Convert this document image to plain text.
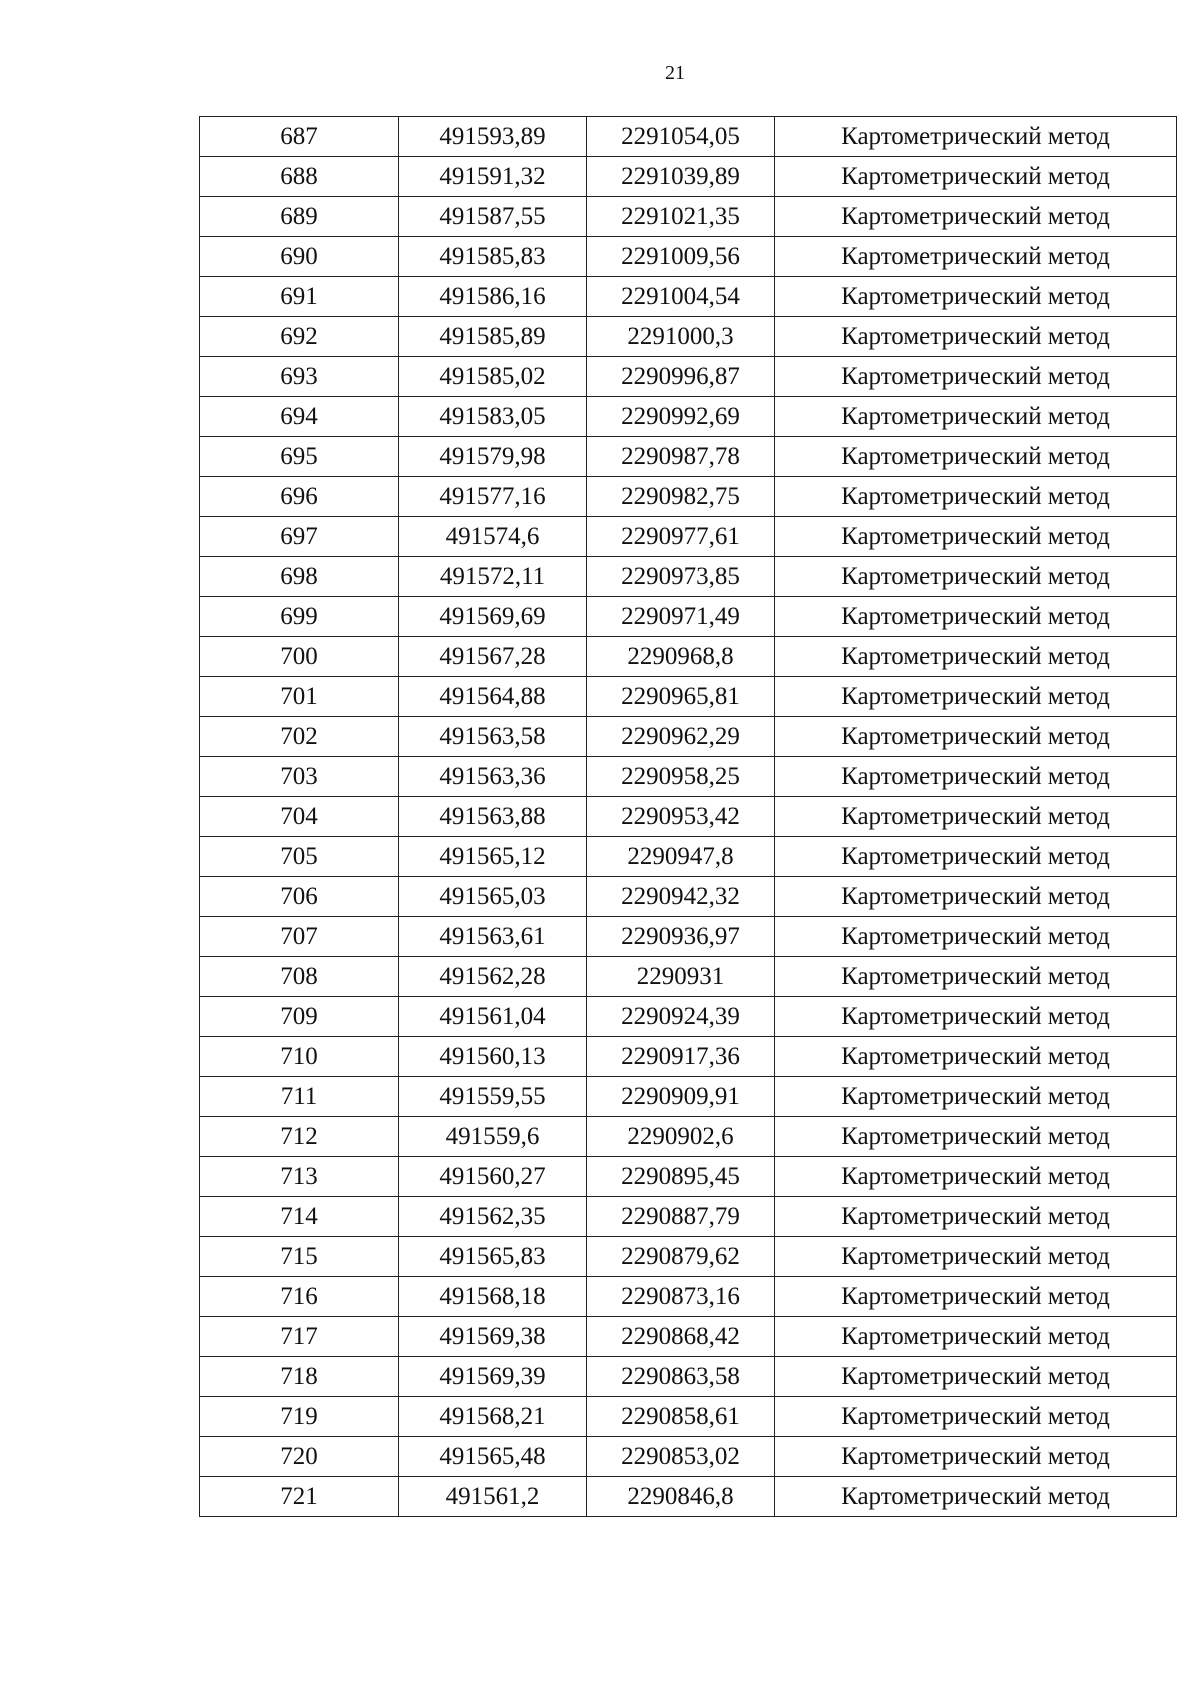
21
687	491593,89	2291054,05	Картометрический метод
688	491591,32	2291039,89	Картометрический метод
689	491587,55	2291021,35	Картометрический метод
690	491585,83	2291009,56	Картометрический метод
691	491586,16	2291004,54	Картометрический метод
692	491585,89	2291000,3	Картометрический метод
693	491585,02	2290996,87	Картометрический метод
694	491583,05	2290992,69	Картометрический метод
695	491579,98	2290987,78	Картометрический метод
696	491577,16	2290982,75	Картометрический метод
697	491574,6	2290977,61	Картометрический метод
698	491572,11	2290973,85	Картометрический метод
699	491569,69	2290971,49	Картометрический метод
700	491567,28	2290968,8	Картометрический метод
701	491564,88	2290965,81	Картометрический метод
702	491563,58	2290962,29	Картометрический метод
703	491563,36	2290958,25	Картометрический метод
704	491563,88	2290953,42	Картометрический метод
705	491565,12	2290947,8	Картометрический метод
706	491565,03	2290942,32	Картометрический метод
707	491563,61	2290936,97	Картометрический метод
708	491562,28	2290931	Картометрический метод
709	491561,04	2290924,39	Картометрический метод
710	491560,13	2290917,36	Картометрический метод
711	491559,55	2290909,91	Картометрический метод
712	491559,6	2290902,6	Картометрический метод
713	491560,27	2290895,45	Картометрический метод
714	491562,35	2290887,79	Картометрический метод
715	491565,83	2290879,62	Картометрический метод
716	491568,18	2290873,16	Картометрический метод
717	491569,38	2290868,42	Картометрический метод
718	491569,39	2290863,58	Картометрический метод
719	491568,21	2290858,61	Картометрический метод
720	491565,48	2290853,02	Картометрический метод
721	491561,2	2290846,8	Картометрический метод
